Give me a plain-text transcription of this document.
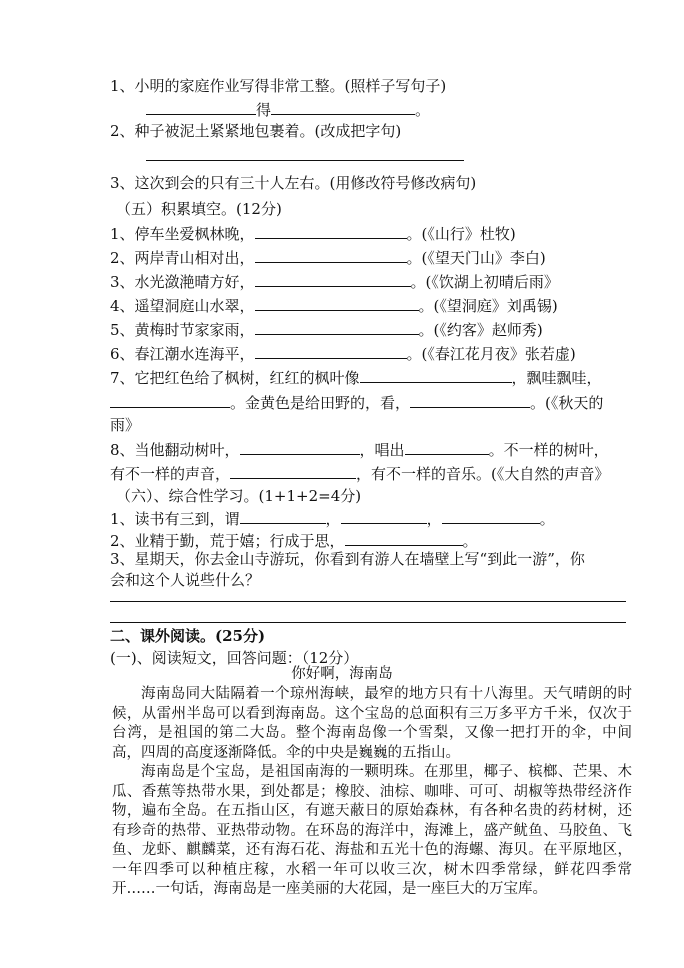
1、小明的家庭作业写得非常工整。(照样子写句子)
得	。
2、种子被泥土紧紧地包裹着。(改成把字句)
3、这次到会的只有三十人左右。(用修改符号修改病句)
（五）积累填空。(12分)
1、停车坐爱枫林晚，	。(《山行》杜牧)
2、两岸青山相对出，	。(《望天门山》李白)
3、水光潋滟晴方好，	。(《饮湖上初晴后雨》
4、遥望洞庭山水翠，	。(《望洞庭》刘禹锡)
5、黄梅时节家家雨，	。(《约客》赵师秀)
6、春江潮水连海平，	。(《春江花月夜》张若虚)
7、它把红色给了枫树，红红的枫叶像	，飘哇飘哇，
。金黄色是给田野的，看，	。(《秋天的
雨》
8、当他翻动树叶，	，唱出	。不一样的树叶，
有不一样的声音，	，有不一样的音乐。(《大自然的声音》
（六）、综合性学习。(1+1+2=4分)
1、读书有三到，谓	，	，	。
2、业精于勤，荒于嬉；行成于思，	。
3、星期天，你去金山寺游玩，你看到有游人在墙壁上写“到此一游”，你
会和这个人说些什么？
二、课外阅读。(25分)
(一)、阅读短文，回答问题：（12分）
你好啊，海南岛

海南岛同大陆隔着一个琼州海峡，最窄的地方只有十八海里。天气晴朗的时候，从雷州半岛可以看到海南岛。这个宝岛的总面积有三万多平方千米，仅次于台湾，是祖国的第二大岛。整个海南岛像一个雪梨，又像一把打开的伞，中间高，四周的高度逐渐降低。伞的中央是巍巍的五指山。

海南岛是个宝岛，是祖国南海的一颗明珠。在那里，椰子、槟榔、芒果、木瓜、香蕉等热带水果，到处都是；橡胶、油棕、咖啡、可可、胡椒等热带经济作物，遍布全岛。在五指山区，有遮天蔽日的原始森林，有各种名贵的药材树，还有珍奇的热带、亚热带动物。在环岛的海洋中，海滩上，盛产鱿鱼、马胶鱼、飞鱼、龙虾、麒麟菜，还有海石花、海盐和五光十色的海螺、海贝。在平原地区，一年四季可以种植庄稼，水稻一年可以收三次，树木四季常绿，鲜花四季常开……一句话，海南岛是一座美丽的大花园，是一座巨大的万宝库。
